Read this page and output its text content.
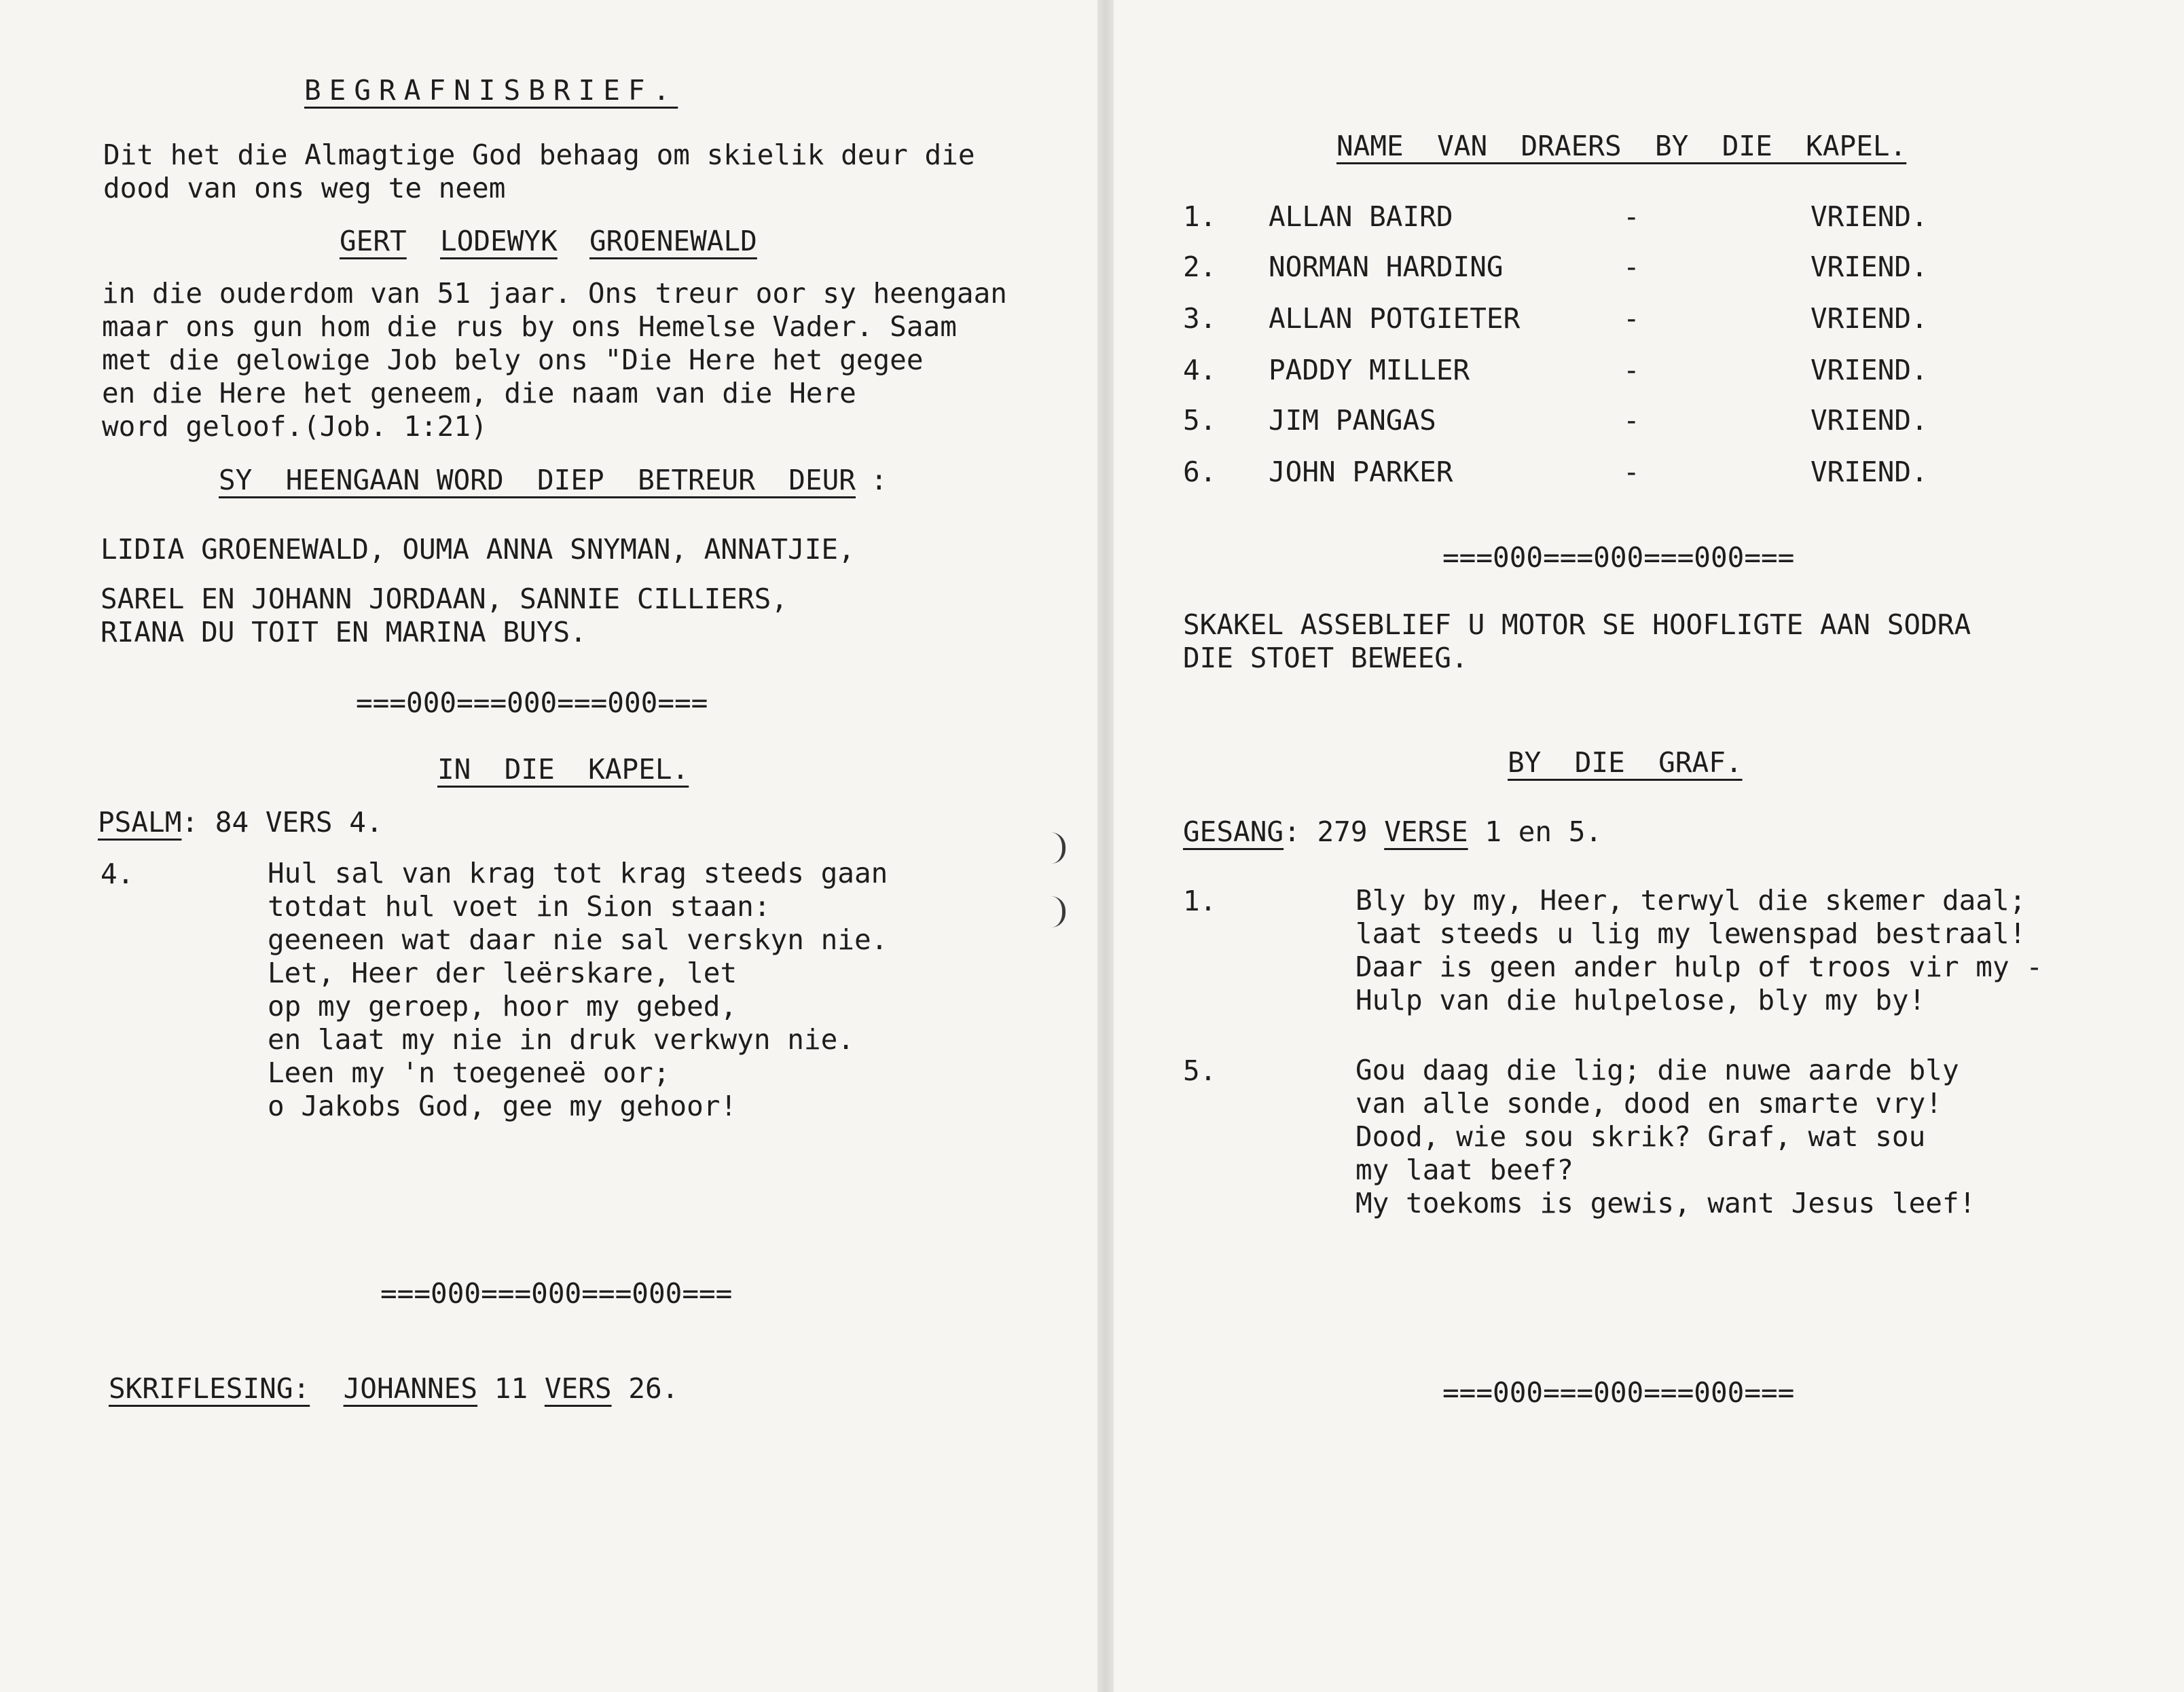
BEGRAFNISBRIEF.
Dit het die Almagtige God behaag om skielik deur die
dood van ons weg te neem
GERT LODEWYK GROENEWALD
in die ouderdom van 51 jaar. Ons treur oor sy heengaan
maar ons gun hom die rus by ons Hemelse Vader. Saam
met die gelowige Job bely ons "Die Here het gegee
en die Here het geneem, die naam van die Here
word geloof.(Job. 1:21)
SY  HEENGAAN WORD  DIEP  BETREUR  DEUR :
LIDIA GROENEWALD, OUMA ANNA SNYMAN, ANNATJIE,
SAREL EN JOHANN JORDAAN, SANNIE CILLIERS,
RIANA DU TOIT EN MARINA BUYS.
===000===000===000===
IN  DIE  KAPEL.
PSALM: 84 VERS 4.
4.	Hul sal van krag tot krag steeds gaan
totdat hul voet in Sion staan:
geeneen wat daar nie sal verskyn nie.
Let, Heer der leërskare, let
op my geroep, hoor my gebed,
en laat my nie in druk verkwyn nie.
Leen my 'n toegeneë oor;
o Jakobs God, gee my gehoor!
===000===000===000===
SKRIFLESING: JOHANNES 11 VERS 26.
NAME  VAN  DRAERS  BY  DIE  KAPEL.
1. ALLAN BAIRD	-	VRIEND.
2. NORMAN HARDING	-	VRIEND.
3. ALLAN POTGIETER	-	VRIEND.
4. PADDY MILLER	-	VRIEND.
5. JIM PANGAS	-	VRIEND.
6. JOHN PARKER	-	VRIEND.
===000===000===000===
SKAKEL ASSEBLIEF U MOTOR SE HOOFLIGTE AAN SODRA
DIE STOET BEWEEG.
BY  DIE  GRAF.
GESANG: 279 VERSE 1 en 5.
1.	Bly by my, Heer, terwyl die skemer daal;
laat steeds u lig my lewenspad bestraal!
Daar is geen ander hulp of troos vir my -
Hulp van die hulpelose, bly my by!
5.	Gou daag die lig; die nuwe aarde bly
van alle sonde, dood en smarte vry!
Dood, wie sou skrik? Graf, wat sou
my laat beef?
My toekoms is gewis, want Jesus leef!
===000===000===000===
